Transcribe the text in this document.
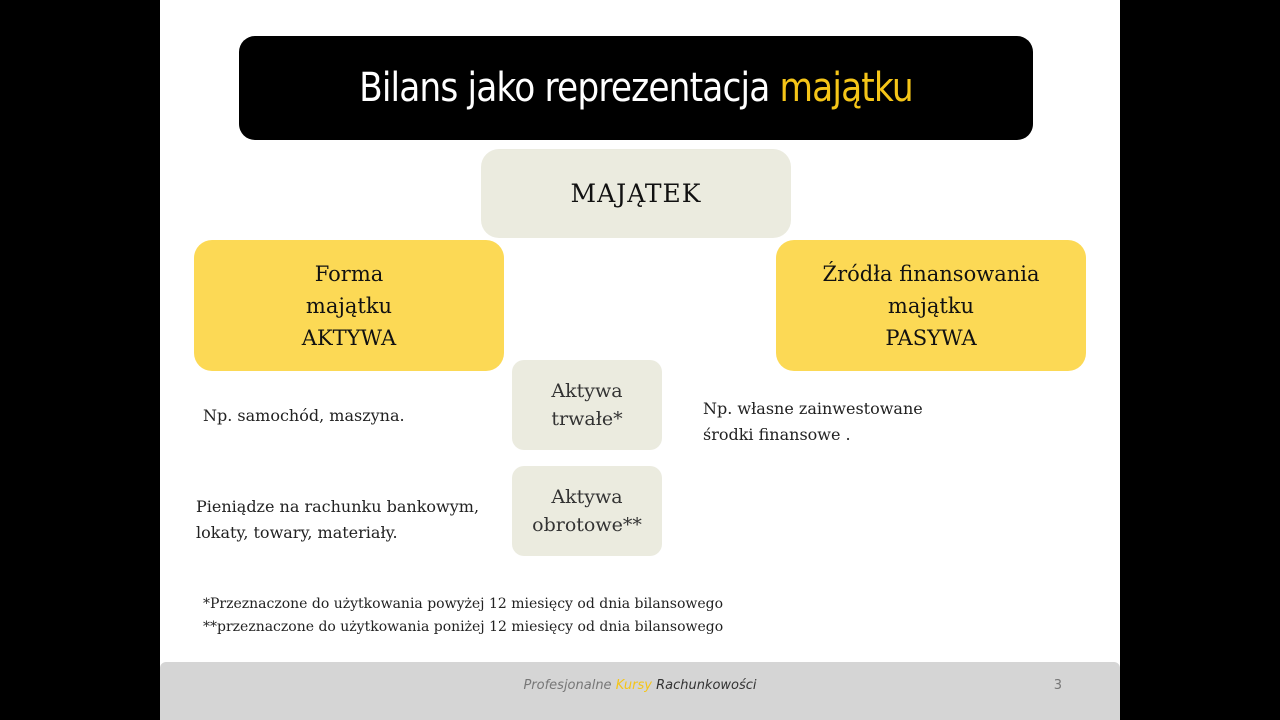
Bilans jako reprezentacja majątku
MAJĄTEK
Forma
majątku
AKTYWA
Źródła finansowania
majątku
PASYWA
Aktywa
trwałe*
Aktywa
obrotowe**
Np. samochód, maszyna.	Np. własne zainwestowane
środki finansowe .
Pieniądze na rachunku bankowym,
lokaty, towary, materiały.
*Przeznaczone do użytkowania powyżej 12 miesięcy od dnia bilansowego
**przeznaczone do użytkowania poniżej 12 miesięcy od dnia bilansowego
Profesjonalne Kursy Rachunkowości	3
